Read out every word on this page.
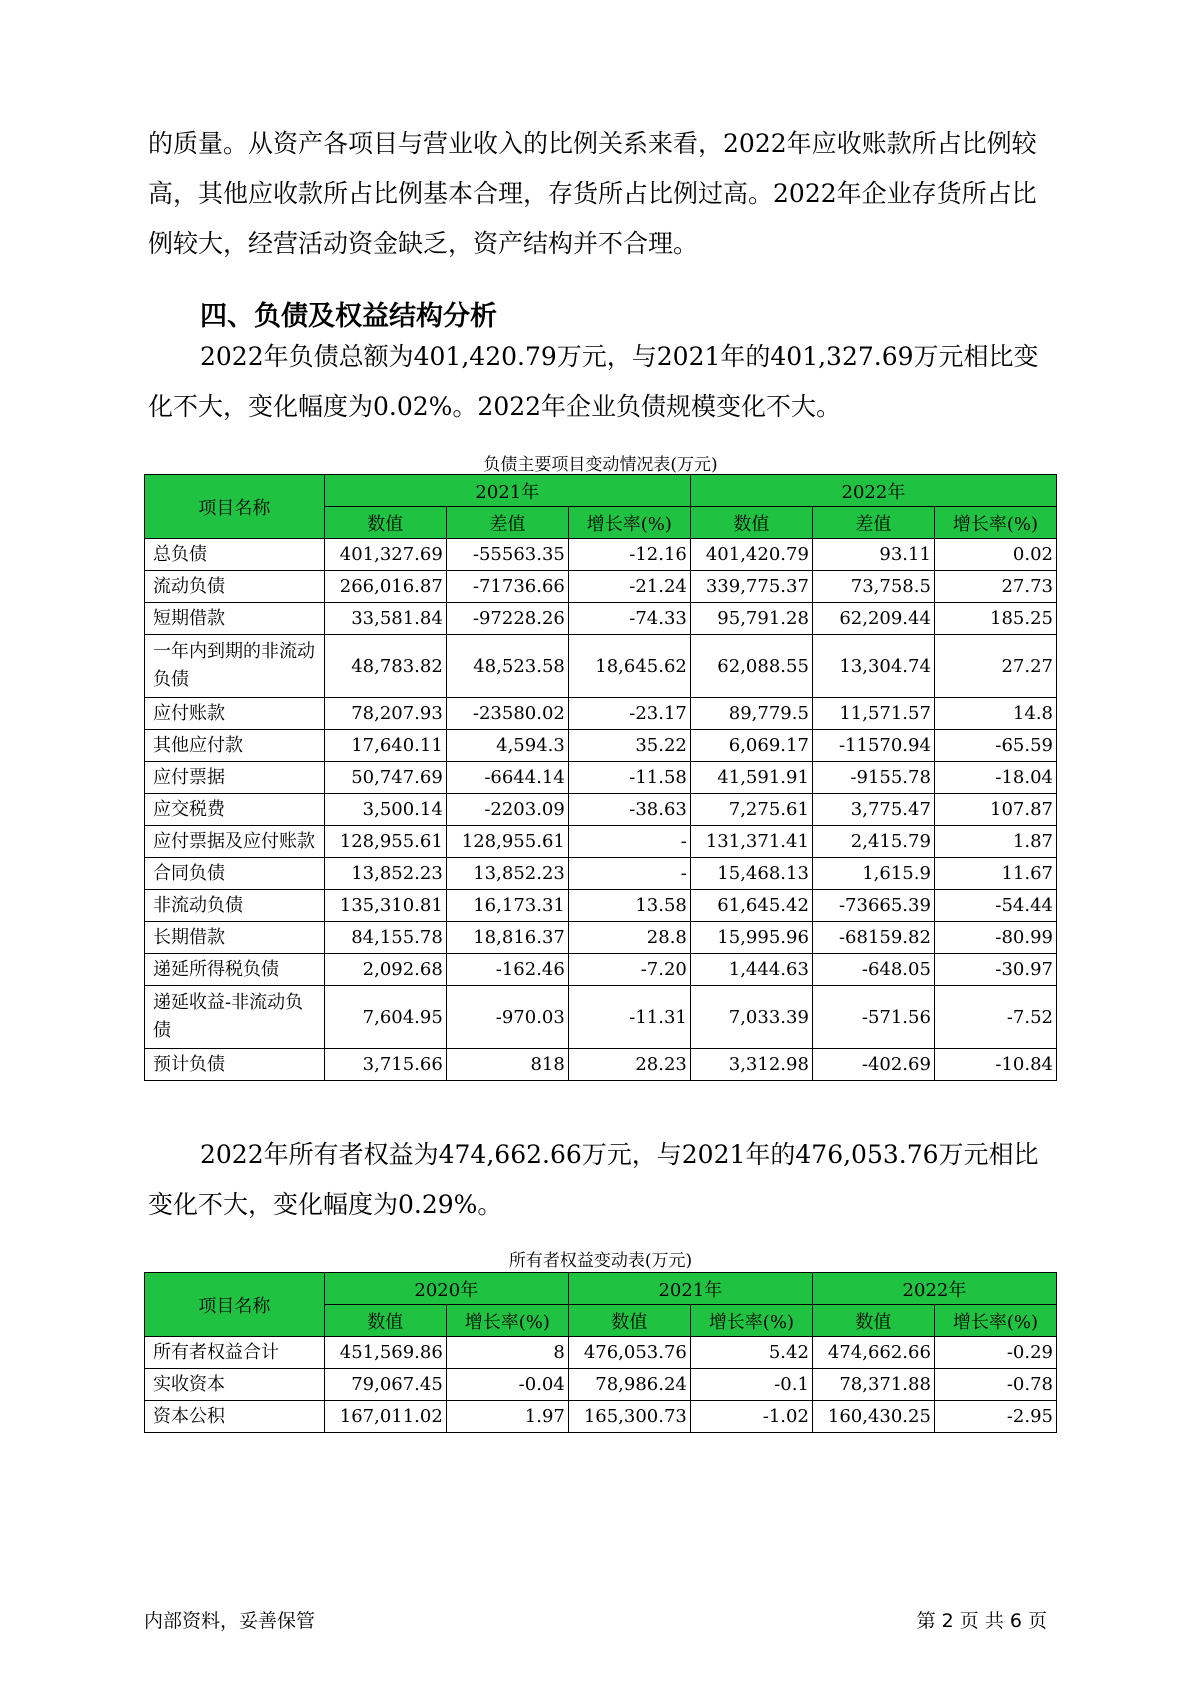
的质量。从资产各项目与营业收入的比例关系来看，2022年应收账款所占比例较高，其他应收款所占比例基本合理，存货所占比例过高。2022年企业存货所占比例较大，经营活动资金缺乏，资产结构并不合理。

四、负债及权益结构分析

2022年负债总额为401,420.79万元，与2021年的401,327.69万元相比变化不大，变化幅度为0.02%。2022年企业负债规模变化不大。

负债主要项目变动情况表(万元)
项目名称	2021年			2022年		
	数值	差值	增长率(%)	数值	差值	增长率(%)
总负债	401,327.69	-55563.35	-12.16	401,420.79	93.11	0.02
流动负债	266,016.87	-71736.66	-21.24	339,775.37	73,758.5	27.73
短期借款	33,581.84	-97228.26	-74.33	95,791.28	62,209.44	185.25
一年内到期的非流动负债	48,783.82	48,523.58	18,645.62	62,088.55	13,304.74	27.27
应付账款	78,207.93	-23580.02	-23.17	89,779.5	11,571.57	14.8
其他应付款	17,640.11	4,594.3	35.22	6,069.17	-11570.94	-65.59
应付票据	50,747.69	-6644.14	-11.58	41,591.91	-9155.78	-18.04
应交税费	3,500.14	-2203.09	-38.63	7,275.61	3,775.47	107.87
应付票据及应付账款	128,955.61	128,955.61	-	131,371.41	2,415.79	1.87
合同负债	13,852.23	13,852.23	-	15,468.13	1,615.9	11.67
非流动负债	135,310.81	16,173.31	13.58	61,645.42	-73665.39	-54.44
长期借款	84,155.78	18,816.37	28.8	15,995.96	-68159.82	-80.99
递延所得税负债	2,092.68	-162.46	-7.20	1,444.63	-648.05	-30.97
递延收益-非流动负债	7,604.95	-970.03	-11.31	7,033.39	-571.56	-7.52
预计负债	3,715.66	818	28.23	3,312.98	-402.69	-10.84

2022年所有者权益为474,662.66万元，与2021年的476,053.76万元相比变化不大，变化幅度为0.29%。

所有者权益变动表(万元)
项目名称	2020年		2021年		2022年	
	数值	增长率(%)	数值	增长率(%)	数值	增长率(%)
所有者权益合计	451,569.86	8	476,053.76	5.42	474,662.66	-0.29
实收资本	79,067.45	-0.04	78,986.24	-0.1	78,371.88	-0.78
资本公积	167,011.02	1.97	165,300.73	-1.02	160,430.25	-2.95
内部资料，妥善保管	第 2 页 共 6 页
